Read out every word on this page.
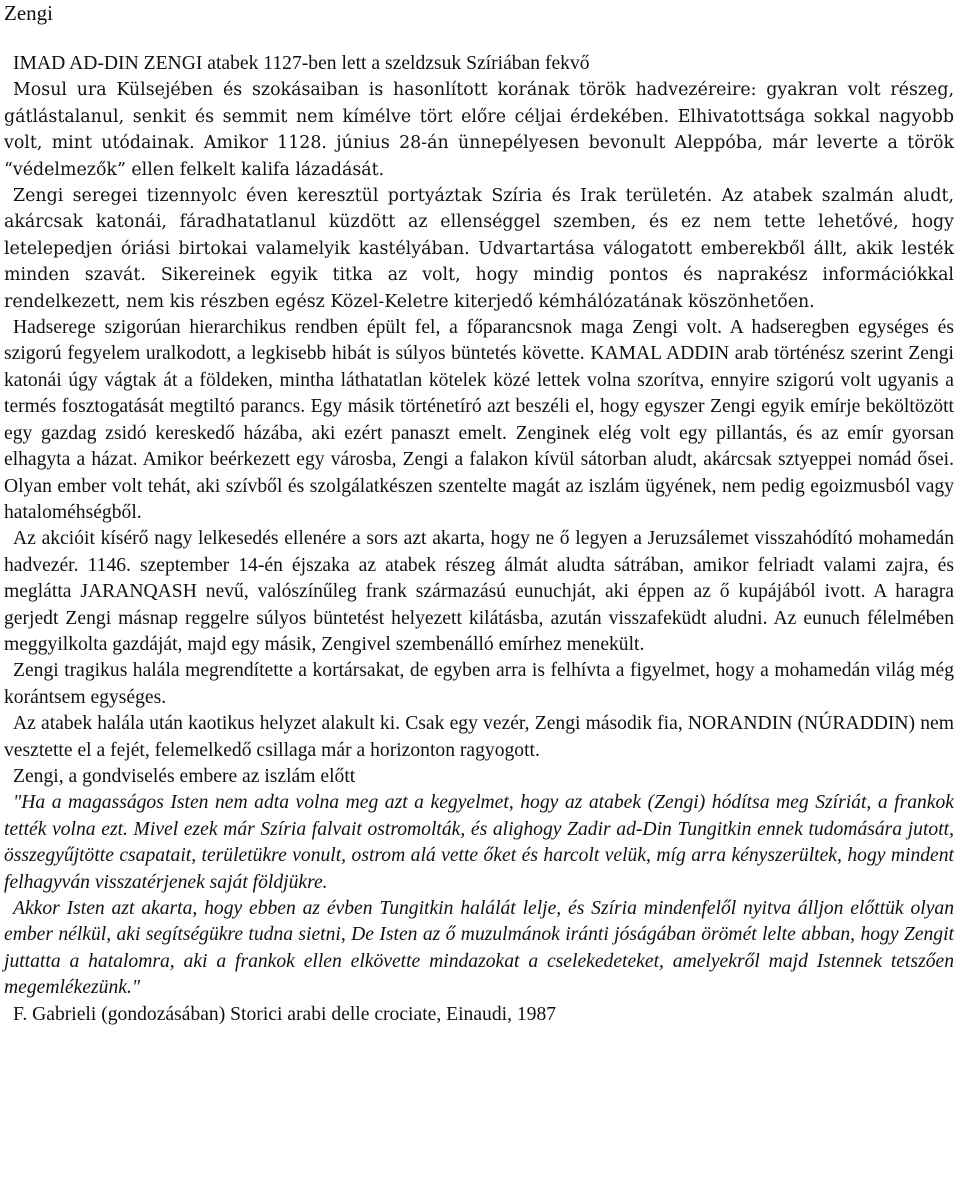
Zengi

IMAD AD-DIN ZENGI atabek 1127-ben lett a szeldzsuk Szíriában fekvő

Mosul ura Külsejében és szokásaiban is hasonlított korának török hadvezéreire: gyakran volt részeg, gátlástalanul, senkit és semmit nem kímélve tört előre céljai érdekében. Elhivatottsága sokkal nagyobb volt, mint utódainak. Amikor 1128. június 28-án ünnepélyesen bevonult Aleppóba, már leverte a török “védelmezők” ellen felkelt kalifa lázadását.

Zengi seregei tizennyolc éven keresztül portyáztak Szíria és Irak területén. Az atabek szalmán aludt, akárcsak katonái, fáradhatatlanul küzdött az ellenséggel szemben, és ez nem tette lehetővé, hogy letelepedjen óriási birtokai valamelyik kastélyában. Udvartartása válogatott emberekből állt, akik lesték minden szavát. Sikereinek egyik titka az volt, hogy mindig pontos és naprakész információkkal rendelkezett, nem kis részben egész Közel-Keletre kiterjedő kémhálózatának köszönhetően.

Hadserege szigorúan hierarchikus rendben épült fel, a főparancsnok maga Zengi volt. A hadseregben egységes és szigorú fegyelem uralkodott, a legkisebb hibát is súlyos büntetés követte. KAMAL ADDIN arab történész szerint Zengi katonái úgy vágtak át a földeken, mintha láthatatlan kötelek közé lettek volna szorítva, ennyire szigorú volt ugyanis a termés fosztogatását megtiltó parancs. Egy másik történetíró azt beszéli el, hogy egyszer Zengi egyik emírje beköltözött egy gazdag zsidó kereskedő házába, aki ezért panaszt emelt. Zenginek elég volt egy pillantás, és az emír gyorsan elhagyta a házat. Amikor beérkezett egy városba, Zengi a falakon kívül sátorban aludt, akárcsak sztyeppei nomád ősei. Olyan ember volt tehát, aki szívből és szolgálatkészen szentelte magát az iszlám ügyének, nem pedig egoizmusból vagy hataloméhségből.

Az akcióit kísérő nagy lelkesedés ellenére a sors azt akarta, hogy ne ő legyen a Jeruzsálemet visszahódító mohamedán hadvezér. 1146. szeptember 14-én éjszaka az atabek részeg álmát aludta sátrában, amikor felriadt valami zajra, és meglátta JARANQASH nevű, valószínűleg frank származású eunuchját, aki éppen az ő kupájából ivott. A haragra gerjedt Zengi másnap reggelre súlyos büntetést helyezett kilátásba, azután visszafeküdt aludni. Az eunuch félelmében meggyilkolta gazdáját, majd egy másik, Zengivel szembenálló emírhez menekült.

Zengi tragikus halála megrendítette a kortársakat, de egyben arra is felhívta a figyelmet, hogy a mohamedán világ még korántsem egységes.

Az atabek halála után kaotikus helyzet alakult ki. Csak egy vezér, Zengi második fia, NORANDIN (NÚRADDIN) nem vesztette el a fejét, felemelkedő csillaga már a horizonton ragyogott.

Zengi, a gondviselés embere az iszlám előtt

"Ha a magasságos Isten nem adta volna meg azt a kegyelmet, hogy az atabek (Zengi) hódítsa meg Szíriát, a frankok tették volna ezt. Mivel ezek már Szíria falvait ostromolták, és alighogy Zadir ad-Din Tungitkin ennek tudomására jutott, összegyűjtötte csapatait, területükre vonult, ostrom alá vette őket és harcolt velük, míg arra kényszerültek, hogy mindent felhagyván visszatérjenek saját földjükre.

Akkor Isten azt akarta, hogy ebben az évben Tungitkin halálát lelje, és Szíria mindenfelől nyitva álljon előttük olyan ember nélkül, aki segítségükre tudna sietni, De Isten az ő muzulmánok iránti jóságában örömét lelte abban, hogy Zengit juttatta a hatalomra, aki a frankok ellen elkövette mindazokat a cselekedeteket, amelyekről majd Istennek tetszően megemlékezünk."

F. Gabrieli (gondozásában) Storici arabi delle crociate, Einaudi, 1987
